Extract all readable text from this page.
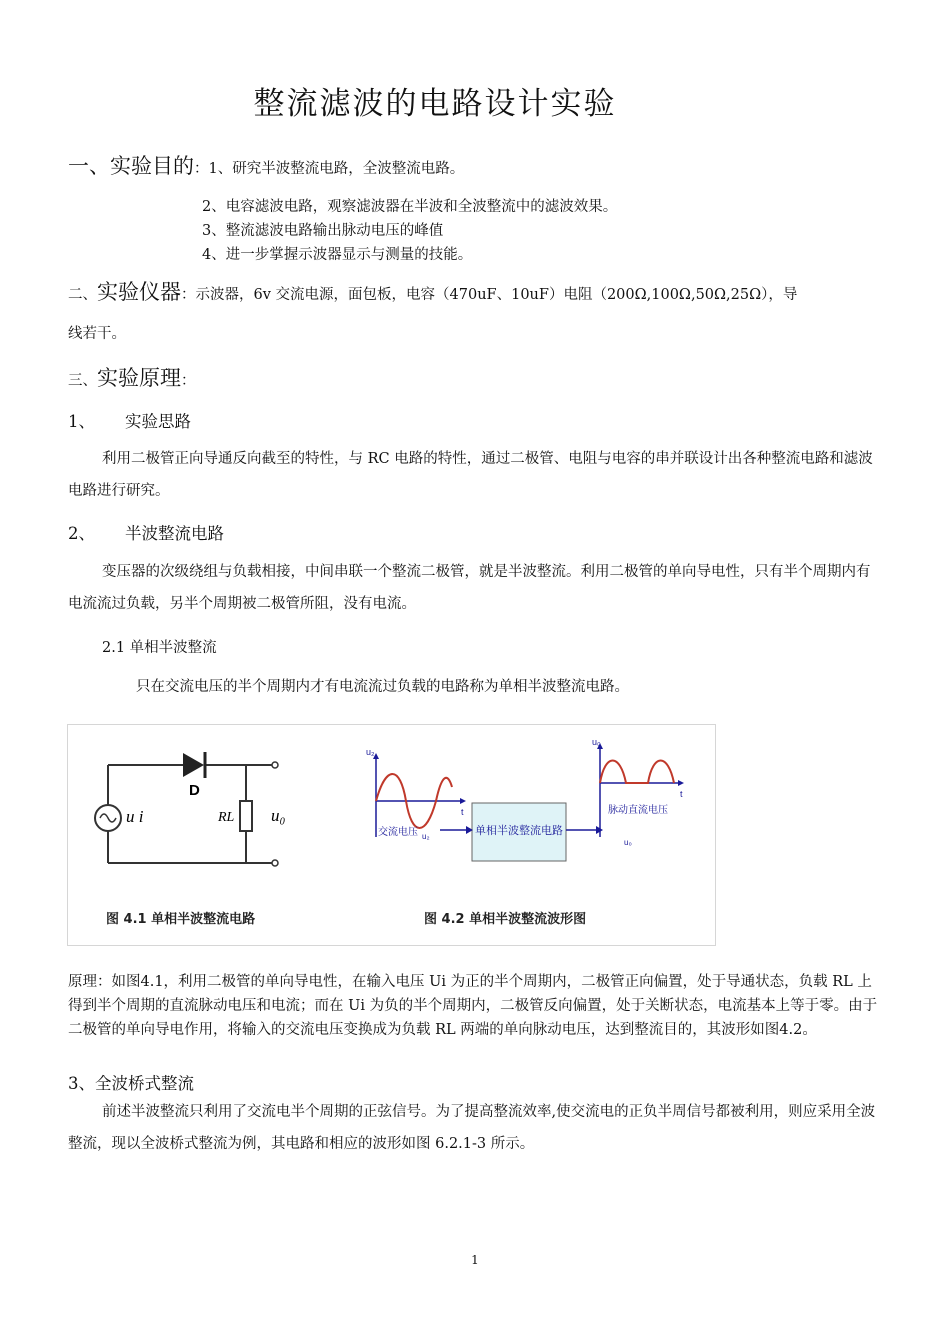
整流滤波的电路设计实验
一、实验目的：1、研究半波整流电路，全波整流电路。
2、电容滤波电路，观察滤波器在半波和全波整流中的滤波效果。
3、整流滤波电路输出脉动电压的峰值
4、进一步掌握示波器显示与测量的技能。
二、实验仪器：示波器，6v 交流电源，面包板，电容（470uF、10uF）电阻（200Ω,100Ω,50Ω,25Ω），导
线若干。
三、实验原理：
1、 实验思路
利用二极管正向导通反向截至的特性，与 RC 电路的特性，通过二极管、电阻与电容的串并联设计出各种整流电路和滤波电路进行研究。
2、 半波整流电路
变压器的次级绕组与负载相接，中间串联一个整流二极管，就是半波整流。利用二极管的单向导电性，只有半个周期内有电流流过负载，另半个周期被二极管所阻，没有电流。
2.1 单相半波整流
只在交流电压的半个周期内才有电流流过负载的电路称为单相半波整流电路。
D
u i	RL u₀
u₂
t
交流电压 u₂	单相半波整流电路
u₀
t
脉动直流电压
u₀
图 4.1 单相半波整流电路	图 4.2 单相半波整流波形图
原理：如图4.1，利用二极管的单向导电性，在输入电压 Ui 为正的半个周期内，二极管正向偏置，处于导通状态，负载 RL 上得到半个周期的直流脉动电压和电流；而在 Ui 为负的半个周期内，二极管反向偏置，处于关断状态，电流基本上等于零。由于二极管的单向导电作用，将输入的交流电压变换成为负载 RL 两端的单向脉动电压，达到整流目的，其波形如图4.2。
3、全波桥式整流
前述半波整流只利用了交流电半个周期的正弦信号。为了提高整流效率,使交流电的正负半周信号都被利用，则应采用全波整流，现以全波桥式整流为例，其电路和相应的波形如图 6.2.1-3 所示。
1
